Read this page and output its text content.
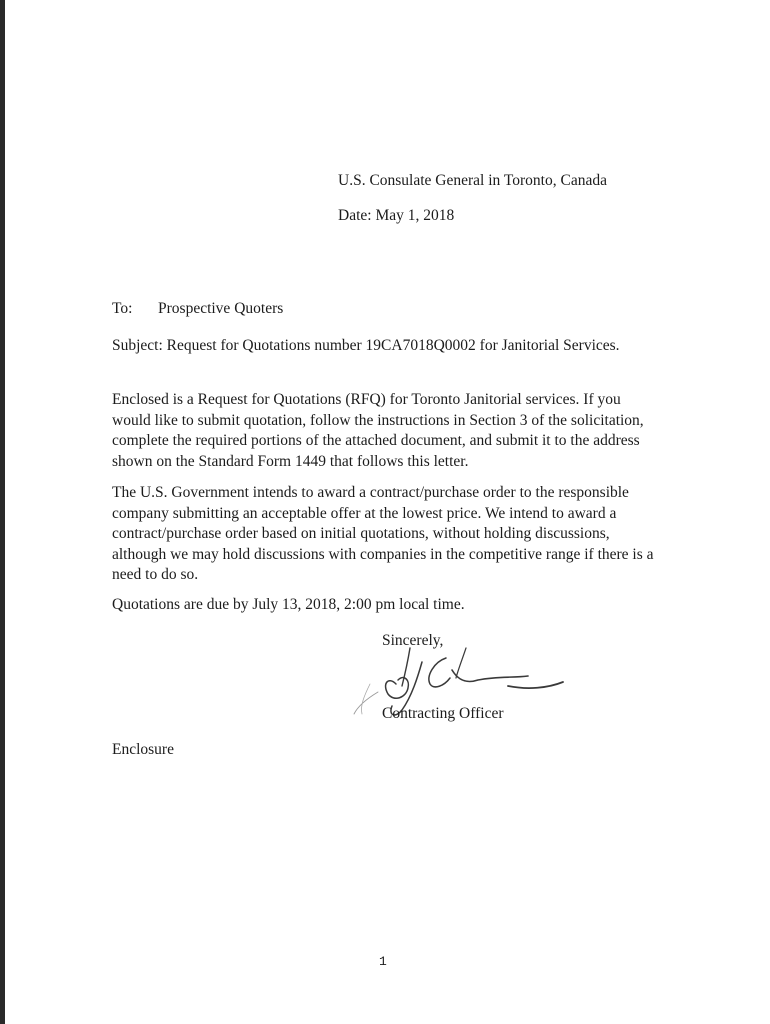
U.S. Consulate General in Toronto, Canada
Date: May 1, 2018
To: Prospective Quoters
Subject: Request for Quotations number 19CA7018Q0002 for Janitorial Services.
Enclosed is a Request for Quotations (RFQ) for Toronto Janitorial services. If you would like to submit quotation, follow the instructions in Section 3 of the solicitation, complete the required portions of the attached document, and submit it to the address shown on the Standard Form 1449 that follows this letter.
The U.S. Government intends to award a contract/purchase order to the responsible company submitting an acceptable offer at the lowest price. We intend to award a contract/purchase order based on initial quotations, without holding discussions, although we may hold discussions with companies in the competitive range if there is a need to do so.
Quotations are due by July 13, 2018, 2:00 pm local time.
Sincerely,
Contracting Officer
Enclosure
1
